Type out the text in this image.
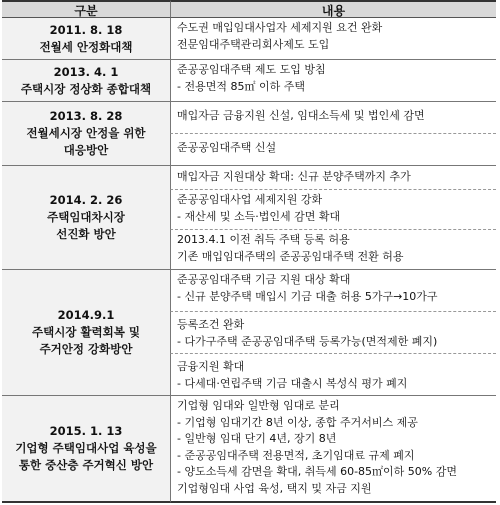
구분	내용
2011. 8. 18
전월세 안정화대책
수도권 매입임대사업자 세제지원 요건 완화
전문임대주택관리회사제도 도입
2013. 4. 1
주택시장 정상화 종합대책
준공공임대주택 제도 도입 방침
- 전용면적 85㎡ 이하 주택
2013. 8. 28
전월세시장 안정을 위한
대응방안
매입자금 금융지원 신설, 임대소득세 및 법인세 감면
준공공임대주택 신설
2014. 2. 26
주택임대차시장
선진화 방안
매입자금 지원대상 확대: 신규 분양주택까지 추가
준공공임대사업 세제지원 강화
- 재산세 및 소득·법인세 감면 확대
2013.4.1 이전 취득 주택 등록 허용
기존 매입임대주택의 준공공임대주택 전환 허용
2014.9.1
주택시장 활력회복 및
주거안정 강화방안
준공공임대주택 기금 지원 대상 확대
- 신규 분양주택 매입시 기금 대출 허용 5가구→10가구
등록조건 완화
- 다가구주택 준공공임대주택 등록가능(면적제한 폐지)
금융지원 확대
- 다세대·연립주택 기금 대출시 복성식 평가 폐지
2015. 1. 13
기업형 주택임대사업 육성을
통한 중산층 주거혁신 방안
기업형 임대와 일반형 임대로 분리
- 기업형 임대기간 8년 이상, 종합 주거서비스 제공
- 일반형 임대 단기 4년, 장기 8년
- 준공공임대주택 전용면적, 초기임대료 규제 폐지
- 양도소득세 감면을 확대, 취득세 60-85㎡이하 50% 감면
기업형임대 사업 육성, 택지 및 자금 지원
